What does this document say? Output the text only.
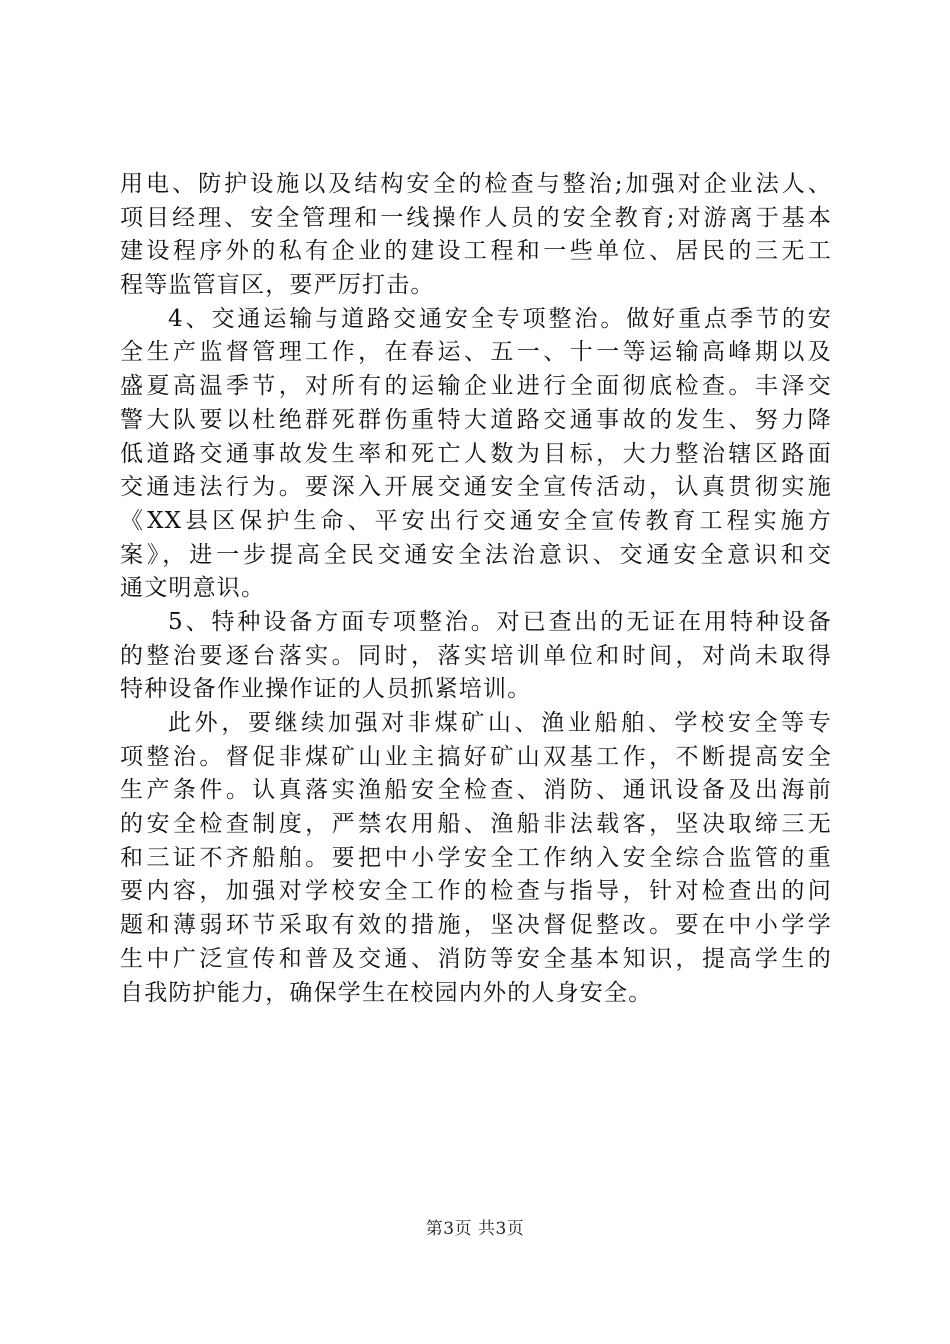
用电、防护设施以及结构安全的检查与整治;加强对企业法人、
项目经理、安全管理和一线操作人员的安全教育;对游离于基本
建设程序外的私有企业的建设工程和一些单位、居民的三无工
程等监管盲区，要严厉打击。
4、交通运输与道路交通安全专项整治。做好重点季节的安
全生产监督管理工作，在春运、五一、十一等运输高峰期以及
盛夏高温季节，对所有的运输企业进行全面彻底检查。丰泽交
警大队要以杜绝群死群伤重特大道路交通事故的发生、努力降
低道路交通事故发生率和死亡人数为目标，大力整治辖区路面
交通违法行为。要深入开展交通安全宣传活动，认真贯彻实施
《XX县区保护生命、平安出行交通安全宣传教育工程实施方
案》，进一步提高全民交通安全法治意识、交通安全意识和交
通文明意识。
5、特种设备方面专项整治。对已查出的无证在用特种设备
的整治要逐台落实。同时，落实培训单位和时间，对尚未取得
特种设备作业操作证的人员抓紧培训。
此外，要继续加强对非煤矿山、渔业船舶、学校安全等专
项整治。督促非煤矿山业主搞好矿山双基工作，不断提高安全
生产条件。认真落实渔船安全检查、消防、通讯设备及出海前
的安全检查制度，严禁农用船、渔船非法载客，坚决取缔三无
和三证不齐船舶。要把中小学安全工作纳入安全综合监管的重
要内容，加强对学校安全工作的检查与指导，针对检查出的问
题和薄弱环节采取有效的措施，坚决督促整改。要在中小学学
生中广泛宣传和普及交通、消防等安全基本知识，提高学生的
自我防护能力，确保学生在校园内外的人身安全。
第3页 共3页
